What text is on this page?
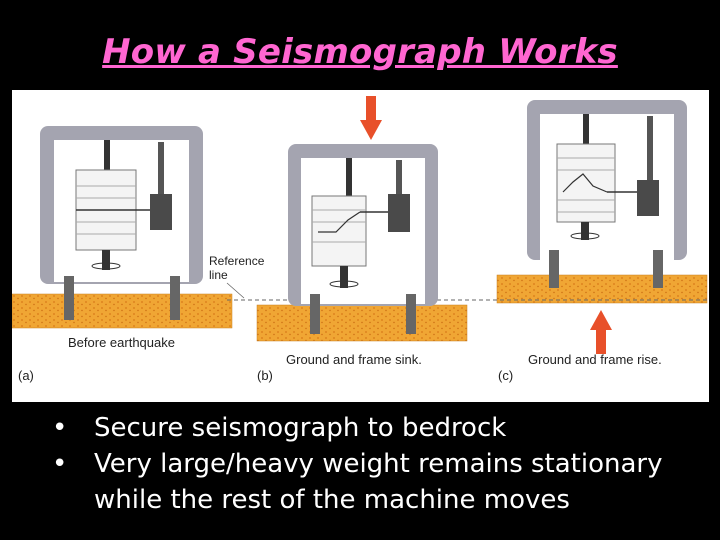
How a Seismograph Works
Reference line
Before earthquake
Ground and frame sink.	Ground and frame rise.
(a)	(b)	(c)
• Secure seismograph to bedrock
• Very large/heavy weight remains stationary while the rest of the machine moves
